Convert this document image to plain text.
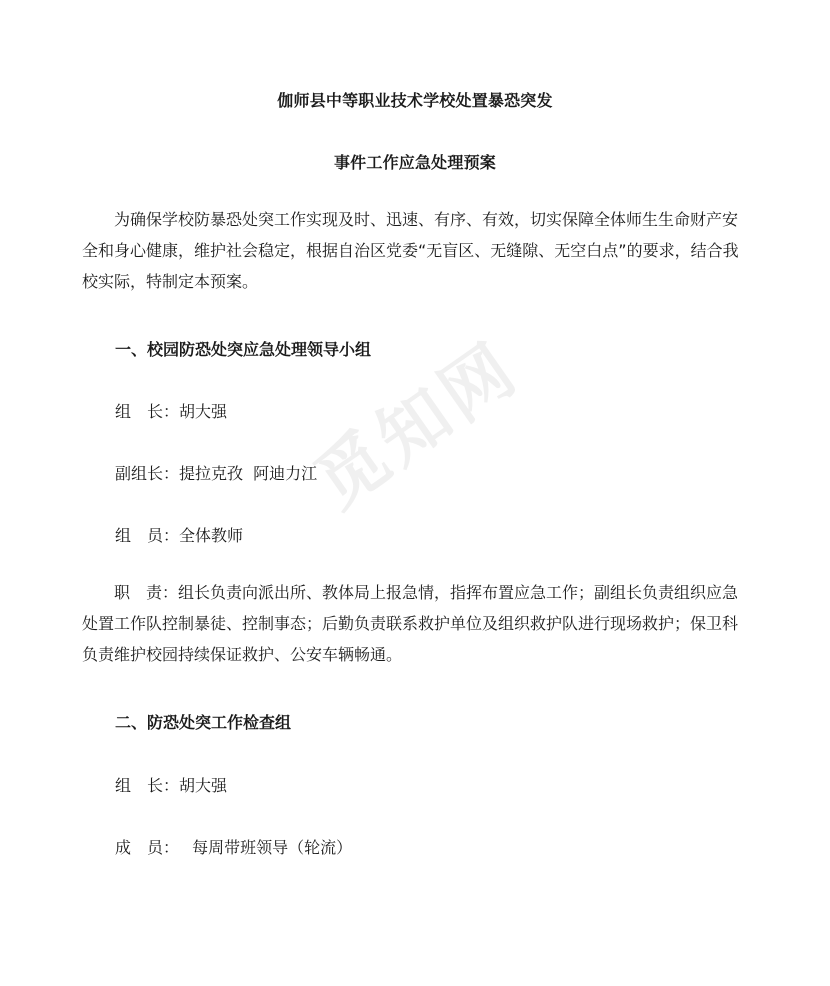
觅知网
伽师县中等职业技术学校处置暴恐突发
事件工作应急处理预案
为确保学校防暴恐处突工作实现及时、迅速、有序、有效，切实保障全体师生生命财产安全和身心健康，维护社会稳定，根据自治区党委“无盲区、无缝隙、无空白点”的要求，结合我校实际，特制定本预案。
一、校园防恐处突应急处理领导小组
组　长：胡大强
副组长：提拉克孜  阿迪力江
组　员：全体教师
职　责：组长负责向派出所、教体局上报急情，指挥布置应急工作；副组长负责组织应急处置工作队控制暴徒、控制事态；后勤负责联系救护单位及组织救护队进行现场救护；保卫科负责维护校园持续保证救护、公安车辆畅通。
二、防恐处突工作检查组
组　长：胡大强
成　员： 每周带班领导（轮流）
